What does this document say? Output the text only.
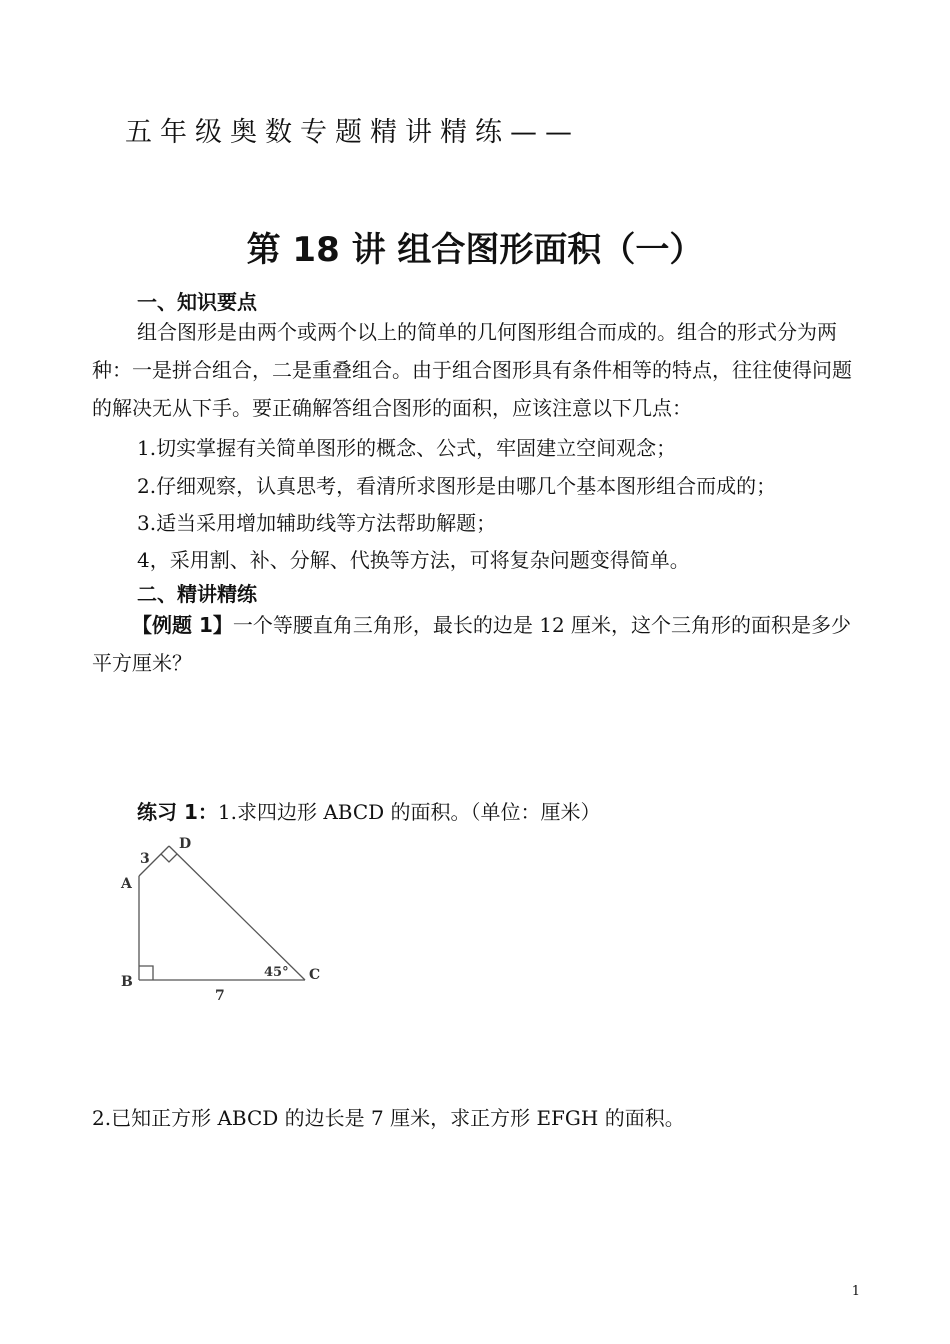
五年级奥数专题精讲精练——
第 18 讲 组合图形面积（一）
一、知识要点
组合图形是由两个或两个以上的简单的几何图形组合而成的。组合的形式分为两种：一是拼合组合，二是重叠组合。由于组合图形具有条件相等的特点，往往使得问题的解决无从下手。要正确解答组合图形的面积，应该注意以下几点：
1.切实掌握有关简单图形的概念、公式，牢固建立空间观念；
2.仔细观察，认真思考，看清所求图形是由哪几个基本图形组合而成的；
3.适当采用增加辅助线等方法帮助解题；
4，采用割、补、分解、代换等方法，可将复杂问题变得简单。
二、精讲精练
【例题 1】一个等腰直角三角形，最长的边是 12 厘米，这个三角形的面积是多少平方厘米？
练习 1：1.求四边形 ABCD 的面积。（单位：厘米）
A
B	C
D
3
7
45°
2.已知正方形 ABCD 的边长是 7 厘米，求正方形 EFGH 的面积。
1
